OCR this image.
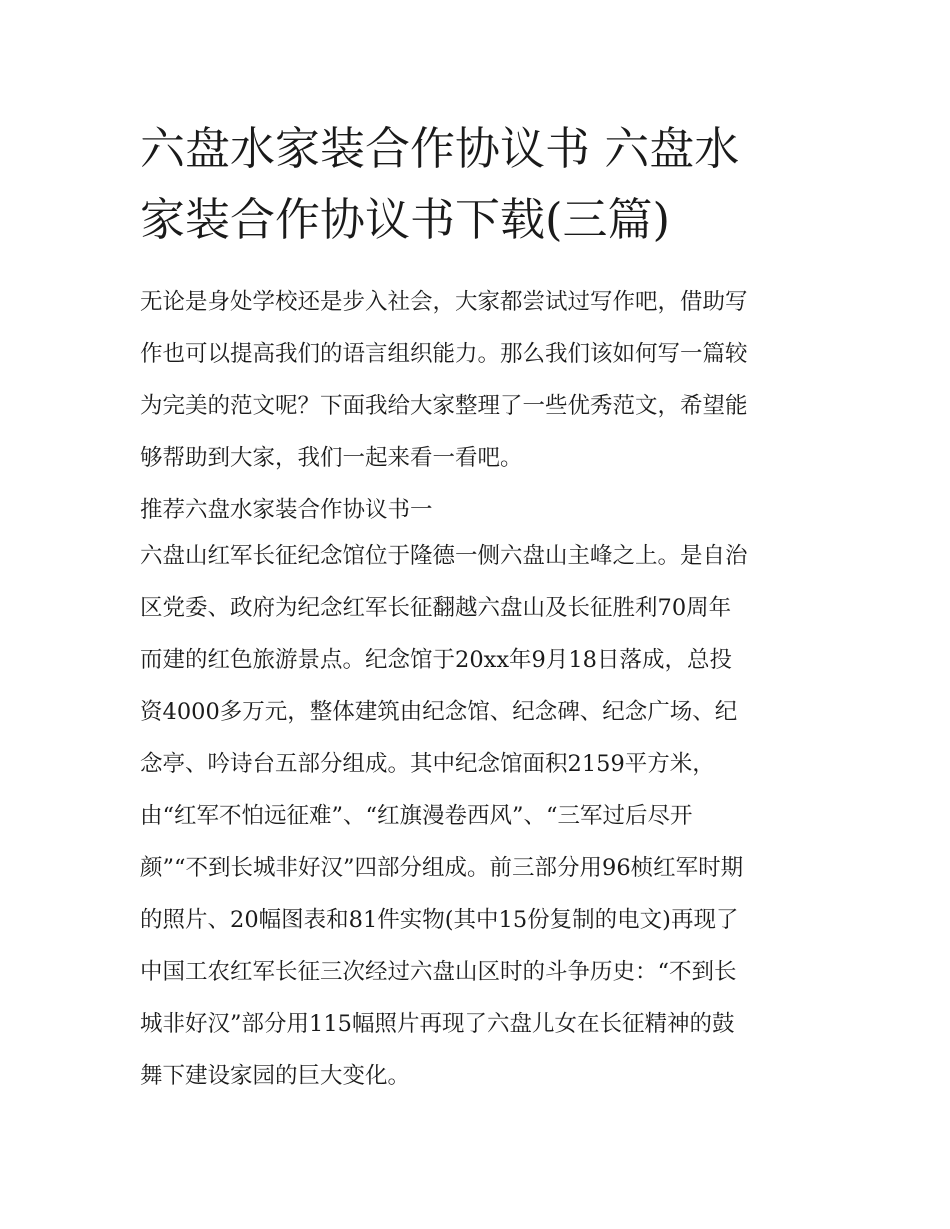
六盘水家装合作协议书 六盘水
家装合作协议书下载(三篇)

无论是身处学校还是步入社会，大家都尝试过写作吧，借助写
作也可以提高我们的语言组织能力。那么我们该如何写一篇较
为完美的范文呢？下面我给大家整理了一些优秀范文，希望能
够帮助到大家，我们一起来看一看吧。

推荐六盘水家装合作协议书一

六盘山红军长征纪念馆位于隆德一侧六盘山主峰之上。是自治
区党委、政府为纪念红军长征翻越六盘山及长征胜利70周年
而建的红色旅游景点。纪念馆于20xx年9月18日落成，总投
资4000多万元，整体建筑由纪念馆、纪念碑、纪念广场、纪
念亭、吟诗台五部分组成。其中纪念馆面积2159平方米，
由“红军不怕远征难”、“红旗漫卷西风”、“三军过后尽开
颜”“不到长城非好汉”四部分组成。前三部分用96桢红军时期
的照片、20幅图表和81件实物(其中15份复制的电文)再现了
中国工农红军长征三次经过六盘山区时的斗争历史：“不到长
城非好汉”部分用115幅照片再现了六盘儿女在长征精神的鼓
舞下建设家园的巨大变化。
